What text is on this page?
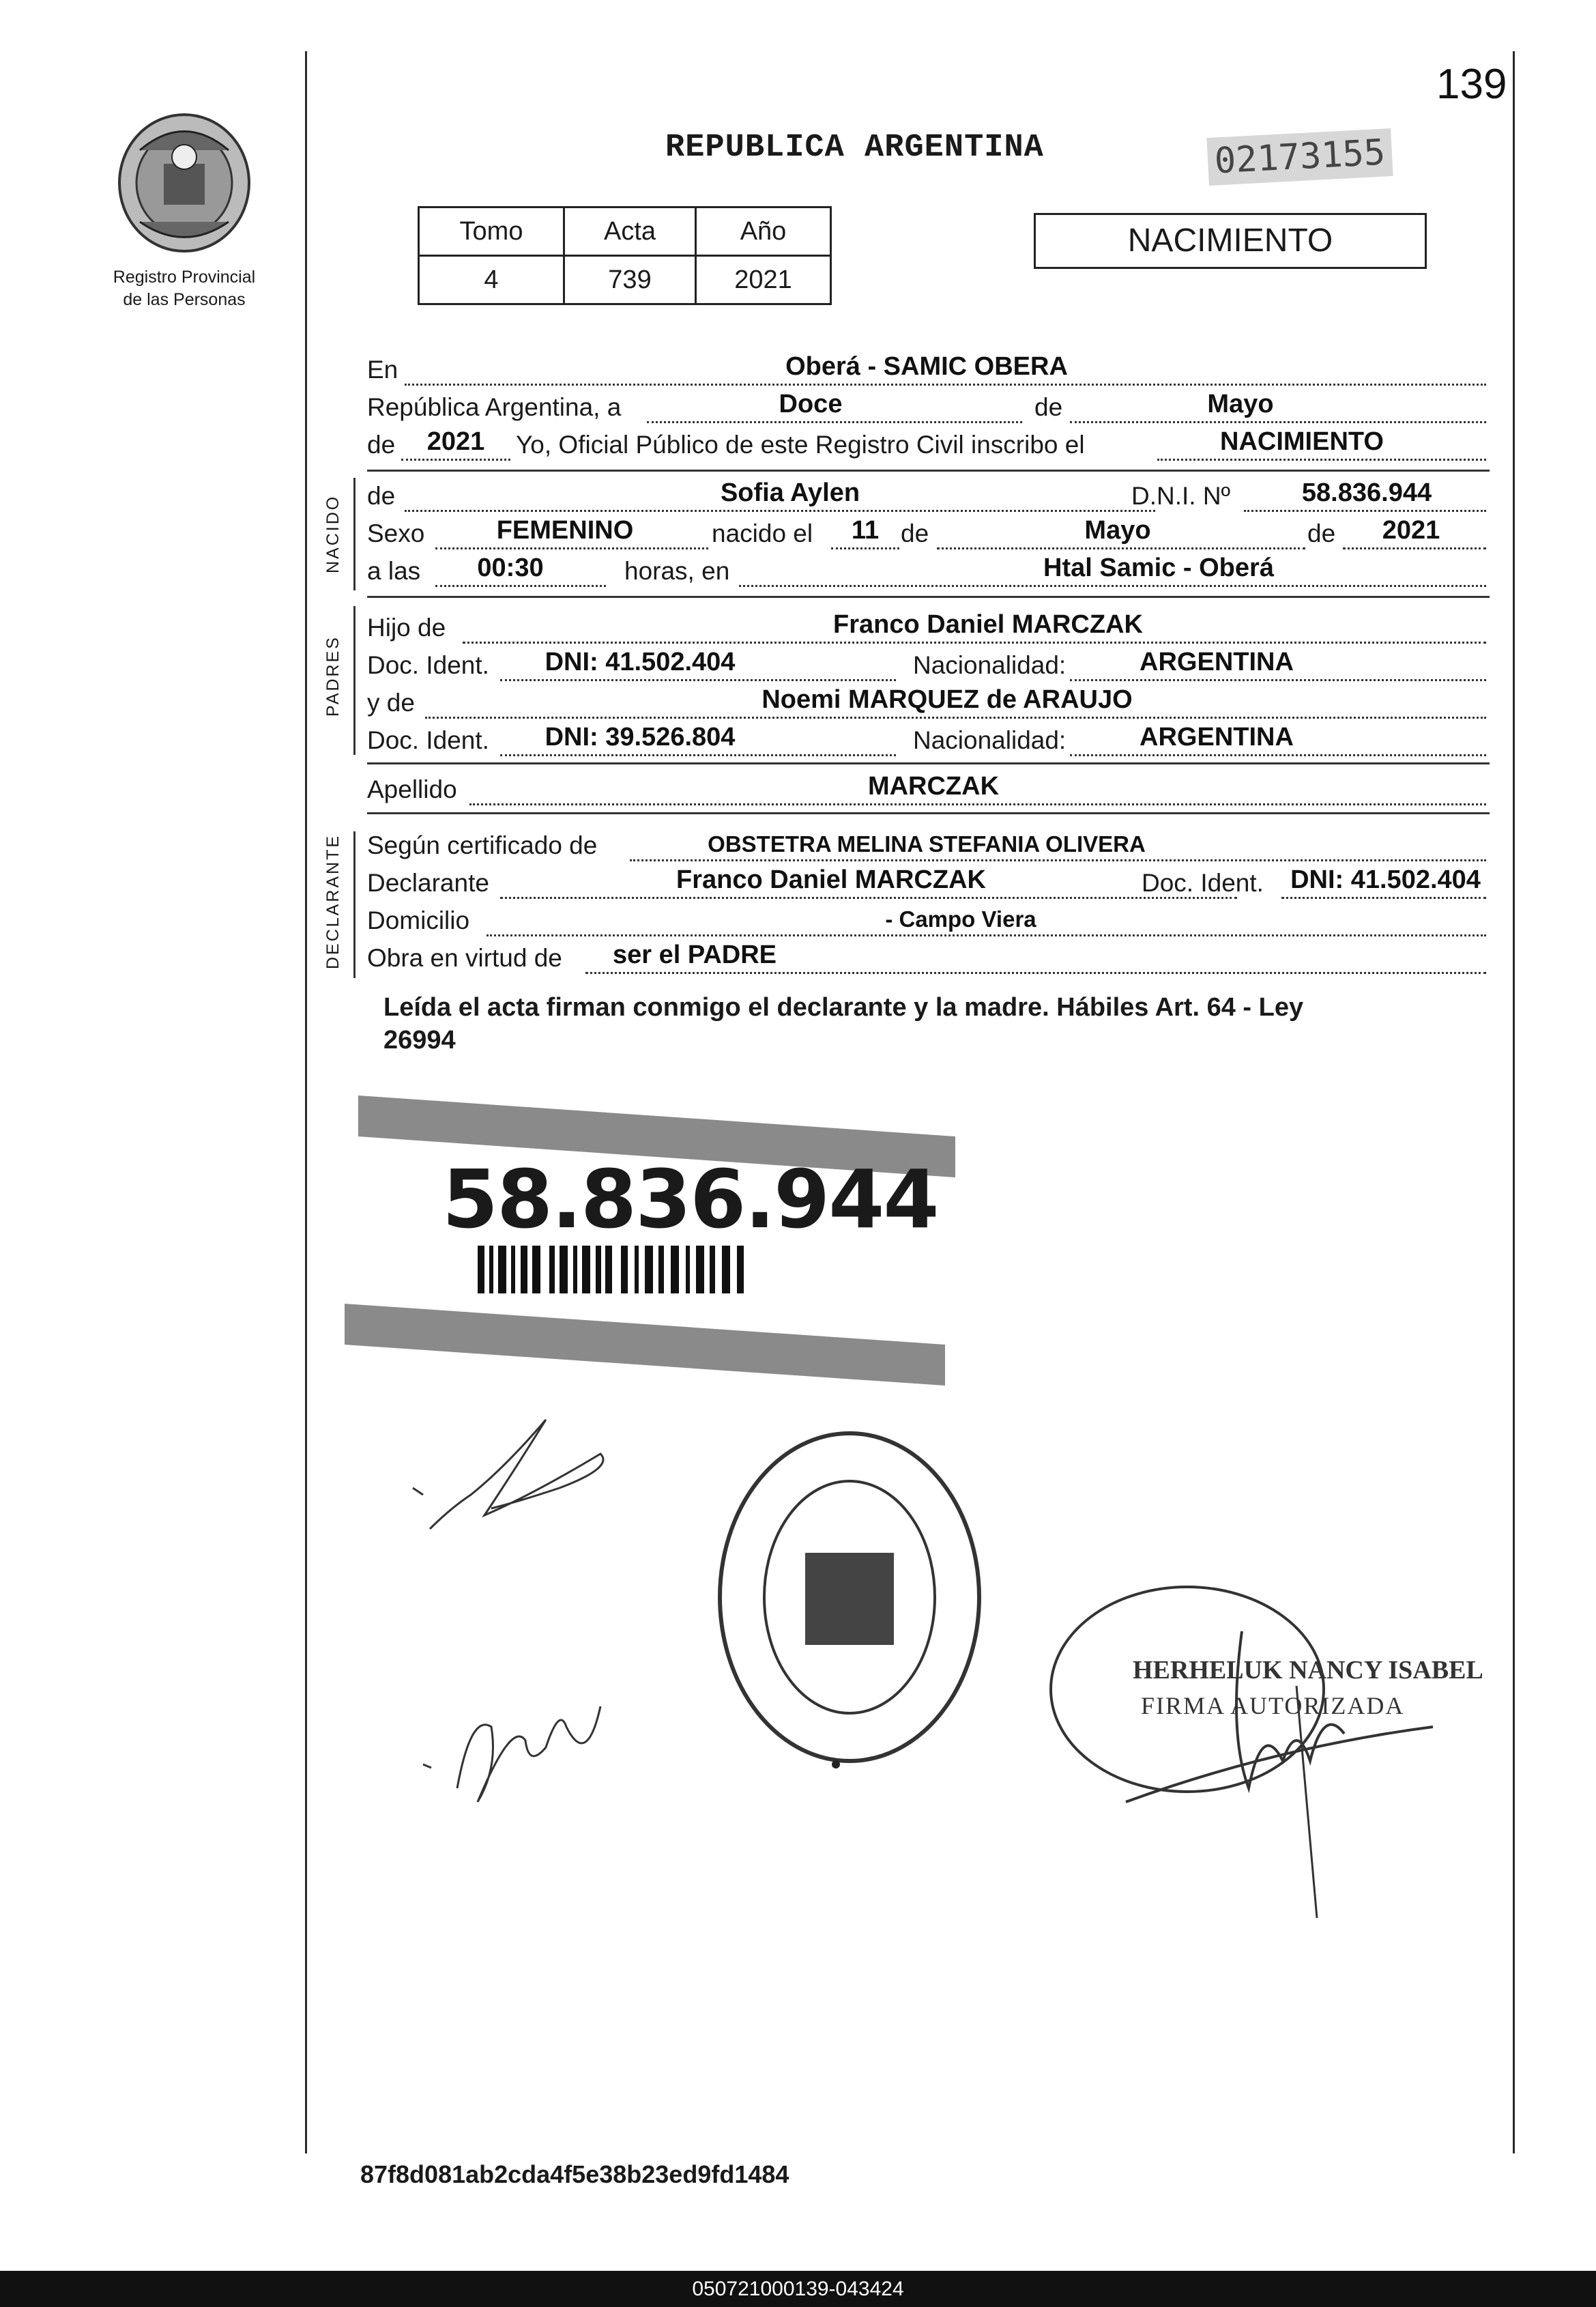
139
Registro Provincial
de las Personas
REPUBLICA ARGENTINA	02173155
Tomo	Acta	Año
4	739	2021
NACIMIENTO
En	Oberá - SAMIC OBERA
República Argentina, a	Doce	de	Mayo
de	2021	Yo, Oficial Público de este Registro Civil inscribo el	NACIMIENTO
NACIDO de	Sofia Aylen	D.N.I. Nº	58.836.944
Sexo	FEMENINO	nacido el	11 de	Mayo	de	2021
a las	00:30	horas, en	Htal Samic - Oberá
PADRES
Hijo de	Franco Daniel MARCZAK
Doc. Ident.	DNI: 41.502.404	Nacionalidad:	ARGENTINA
y de	Noemi MARQUEZ de ARAUJO
Doc. Ident.	DNI: 39.526.804	Nacionalidad:	ARGENTINA
Apellido	MARCZAK
DECLARANTE Según certificado de	OBSTETRA MELINA STEFANIA OLIVERA
Declarante	Franco Daniel MARCZAK	Doc. Ident.	DNI: 41.502.404
Domicilio	- Campo Viera
Obra en virtud de	ser el PADRE
Leída el acta firman conmigo el declarante y la madre. Hábiles Art. 64 - Ley
26994
58.836.944
HERHELUK NANCY ISABEL
FIRMA AUTORIZADA
87f8d081ab2cda4f5e38b23ed9fd1484
050721000139-043424
